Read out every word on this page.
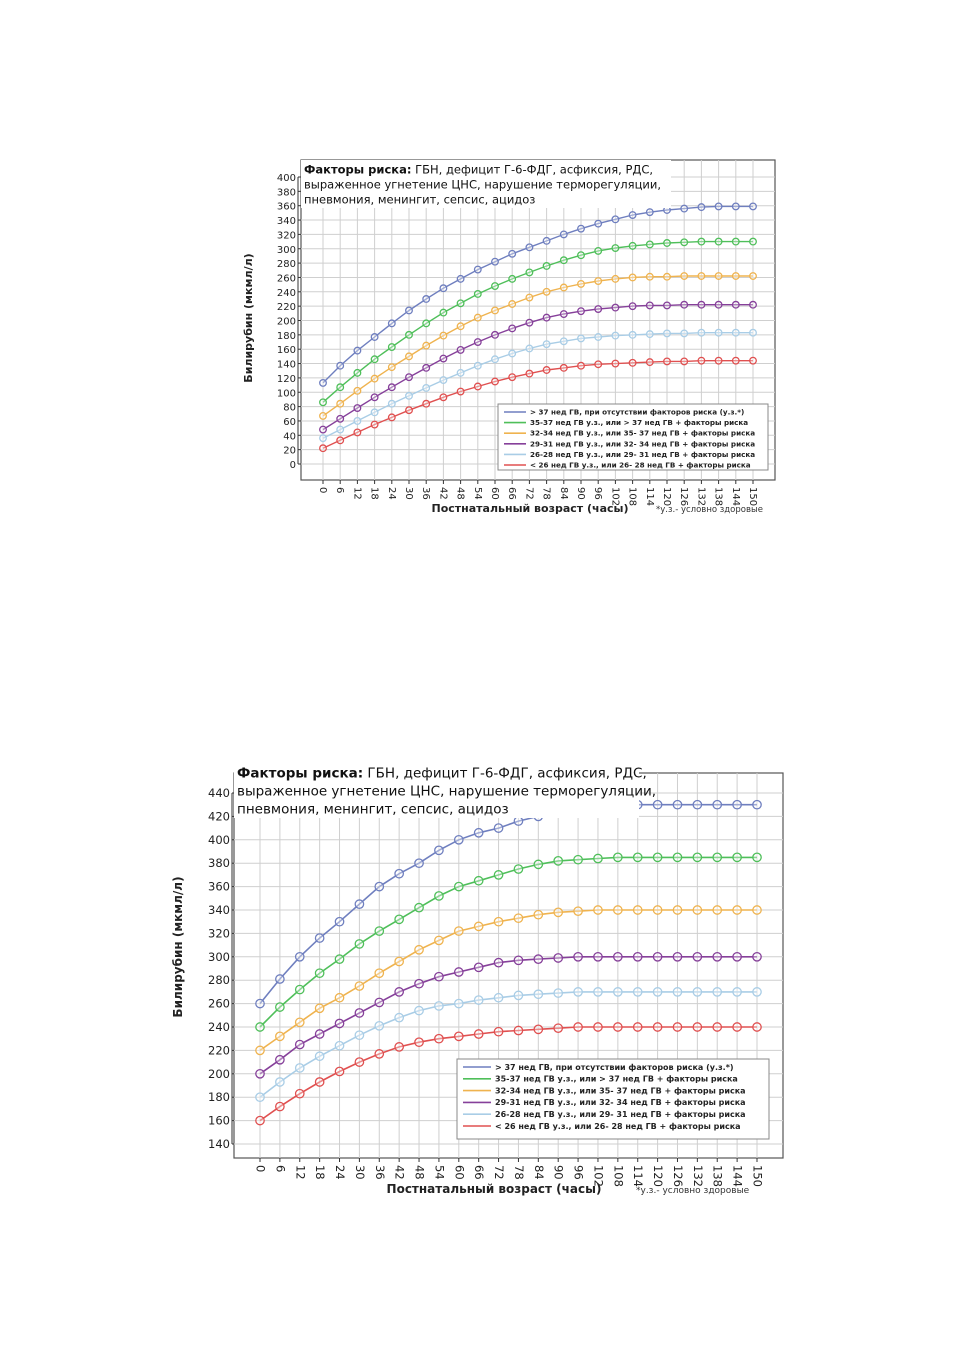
0
20
40
60
80
100
120
140
160
180
200
220
240
260
280
300
320
340
360
380
400
0 6 12 18 24 30 36 42 48 54 60 66 72 78 84 90 96 102 108 114 120 126 132 138 144 150
Факторы риска: ГБН, дефицит Г-6-ФДГ, асфиксия, РДС,
выраженное угнетение ЦНС, нарушение терморегуляции,
пневмония, менингит, сепсис, ацидоз
> 37 нед ГВ, при отсутствии факторов риска (у.з.*)
35-37 нед ГВ у.з., или > 37 нед ГВ + факторы риска
32-34 нед ГВ у.з., или 35- 37 нед ГВ + факторы риска
29-31 нед ГВ у.з., или 32- 34 нед ГВ + факторы риска
26-28 нед ГВ у.з., или 29- 31 нед ГВ + факторы риска
< 26 нед ГВ у.з., или 26- 28 нед ГВ + факторы риска
Билирубин (мкмл/л)
Постнатальный возраст (часы)	*у.з.- условно здоровые
140
160
180
200
220
240
260
280
300
320
340
360
380
400
420
440
0 6 12 18 24 30 36 42 48 54 60 66 72 78 84 90 96 102 108 114 120 126 132 138 144 150
Факторы риска: ГБН, дефицит Г-6-ФДГ, асфиксия, РДС,
выраженное угнетение ЦНС, нарушение терморегуляции,
пневмония, менингит, сепсис, ацидоз
> 37 нед ГВ, при отсутствии факторов риска (у.з.*)
35-37 нед ГВ у.з., или > 37 нед ГВ + факторы риска
32-34 нед ГВ у.з., или 35- 37 нед ГВ + факторы риска
29-31 нед ГВ у.з., или 32- 34 нед ГВ + факторы риска
26-28 нед ГВ у.з., или 29- 31 нед ГВ + факторы риска
< 26 нед ГВ у.з., или 26- 28 нед ГВ + факторы риска
Билирубин (мкмл/л)
Постнатальный возраст (часы)	*у.з.- условно здоровые
